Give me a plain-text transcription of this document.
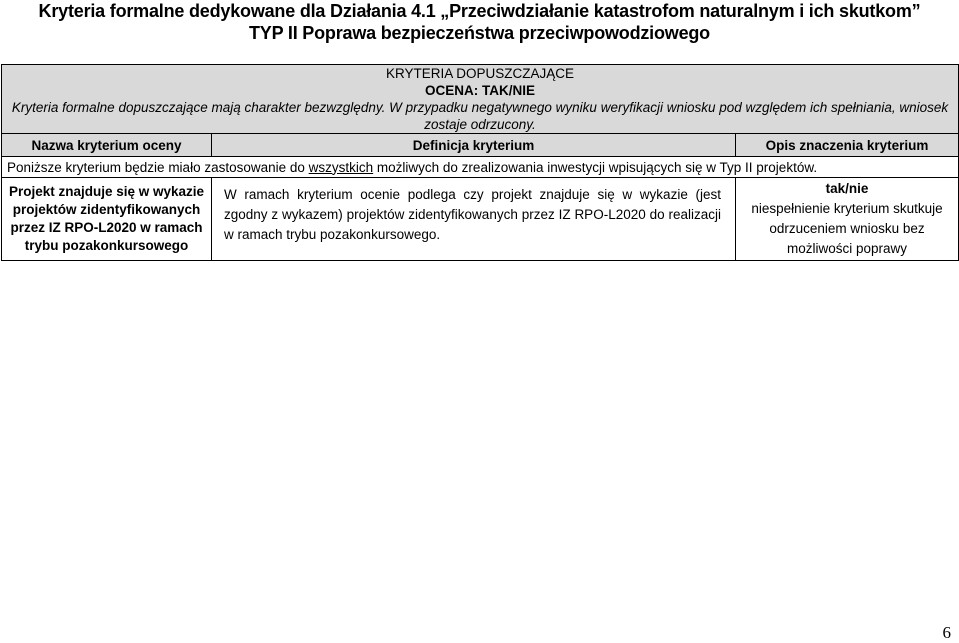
Kryteria formalne dedykowane dla Działania 4.1 „Przeciwdziałanie katastrofom naturalnym i ich skutkom”
TYP II Poprawa bezpieczeństwa przeciwpowodziowego
KRYTERIA DOPUSZCZAJĄCE
OCENA: TAK/NIE
Kryteria formalne dopuszczające mają charakter bezwzględny. W przypadku negatywnego wyniku weryfikacji wniosku pod względem ich spełniania, wniosek zostaje odrzucony.		

Nazwa kryterium oceny	Definicja kryterium	Opis znaczenia kryterium
Poniższe kryterium będzie miało zastosowanie do wszystkich możliwych do zrealizowania inwestycji wpisujących się w Typ II projektów.		
Projekt znajduje się w wykazie projektów zidentyfikowanych przez IZ RPO-L2020 w ramach trybu pozakonkursowego	W ramach kryterium ocenie podlega czy projekt znajduje się w wykazie (jest zgodny z wykazem) projektów zidentyfikowanych przez IZ RPO-L2020 do realizacji w ramach trybu pozakonkursowego.	tak/nie
niespełnienie kryterium skutkuje odrzuceniem wniosku bez możliwości poprawy
6
